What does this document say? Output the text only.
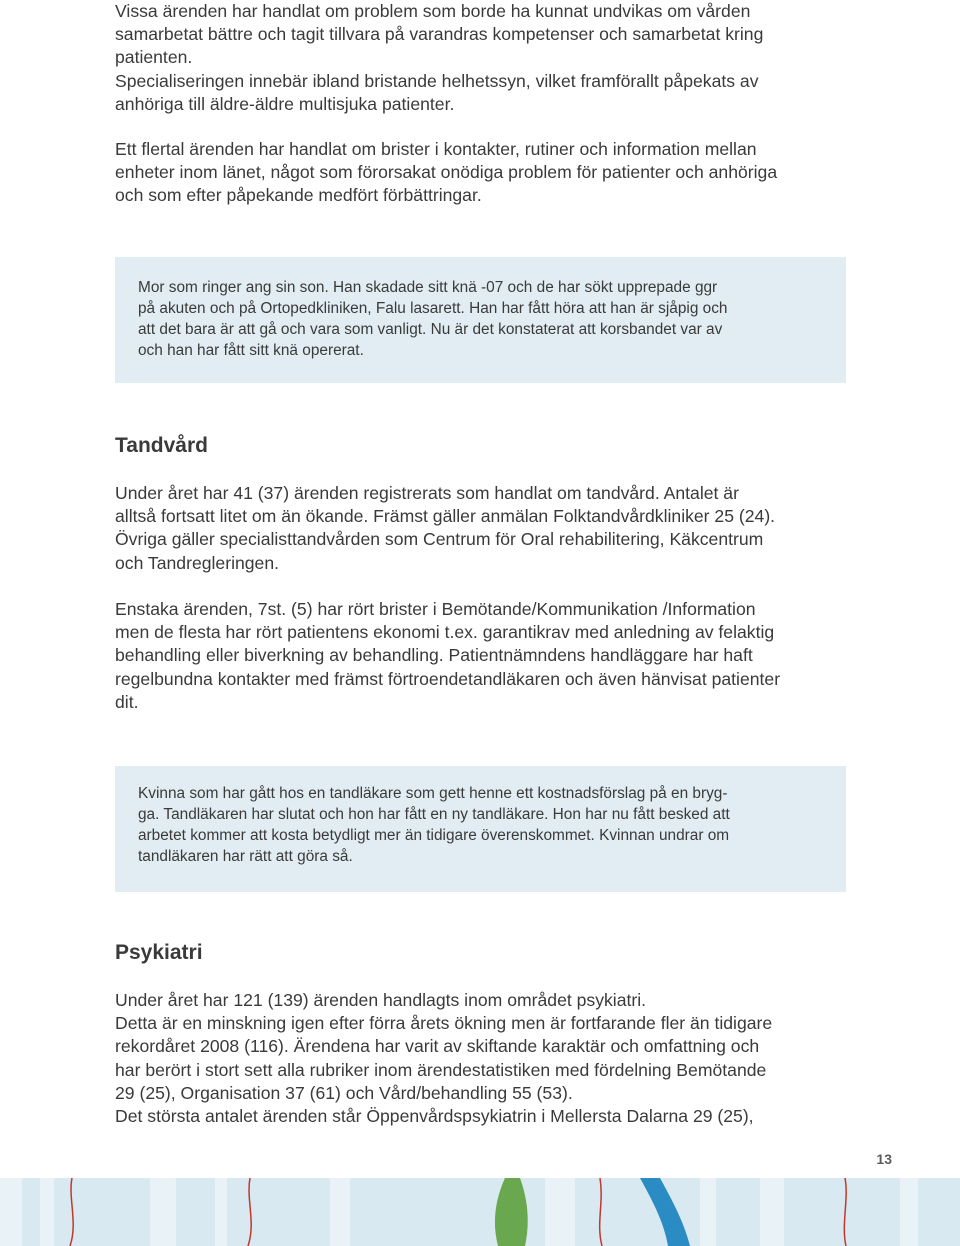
Vissa ärenden har handlat om problem som borde ha kunnat undvikas om vården
samarbetat bättre och tagit tillvara på varandras kompetenser och samarbetat kring
patienten.
Specialiseringen innebär ibland bristande helhetssyn, vilket framförallt påpekats av
anhöriga till äldre-äldre multisjuka patienter.

Ett flertal ärenden har handlat om brister i kontakter, rutiner och information mellan
enheter inom länet, något som förorsakat onödiga problem för patienter och anhöriga
och som efter påpekande medfört förbättringar.

Mor som ringer ang sin son. Han skadade sitt knä -07 och de har sökt upprepade ggr
på akuten och på Ortopedkliniken, Falu lasarett. Han har fått höra att han är sjåpig och
att det bara är att gå och vara som vanligt. Nu är det konstaterat att korsbandet var av
och han har fått sitt knä opererat.

Tandvård

Under året har 41 (37) ärenden registrerats som handlat om tandvård. Antalet är
alltså fortsatt litet om än ökande. Främst gäller anmälan Folktandvårdkliniker 25 (24).
Övriga gäller specialisttandvården som Centrum för Oral rehabilitering, Käkcentrum
och Tandregleringen.

Enstaka ärenden, 7st. (5) har rört brister i Bemötande/Kommunikation /Information
men de flesta har rört patientens ekonomi t.ex. garantikrav med anledning av felaktig
behandling eller biverkning av behandling. Patientnämndens handläggare har haft
regelbundna kontakter med främst förtroendetandläkaren och även hänvisat patienter
dit.

Kvinna som har gått hos en tandläkare som gett henne ett kostnadsförslag på en bryg-
ga. Tandläkaren har slutat och hon har fått en ny tandläkare. Hon har nu fått besked att
arbetet kommer att kosta betydligt mer än tidigare överenskommet. Kvinnan undrar om
tandläkaren har rätt att göra så.

Psykiatri

Under året har 121 (139) ärenden handlagts inom området psykiatri.
Detta är en minskning igen efter förra årets ökning men är fortfarande fler än tidigare
rekordåret 2008 (116). Ärendena har varit av skiftande karaktär och omfattning och
har berört i stort sett alla rubriker inom ärendestatistiken med fördelning Bemötande
29 (25), Organisation 37 (61) och Vård/behandling 55 (53).
Det största antalet ärenden står Öppenvårdspsykiatrin i Mellersta Dalarna 29 (25),

13
